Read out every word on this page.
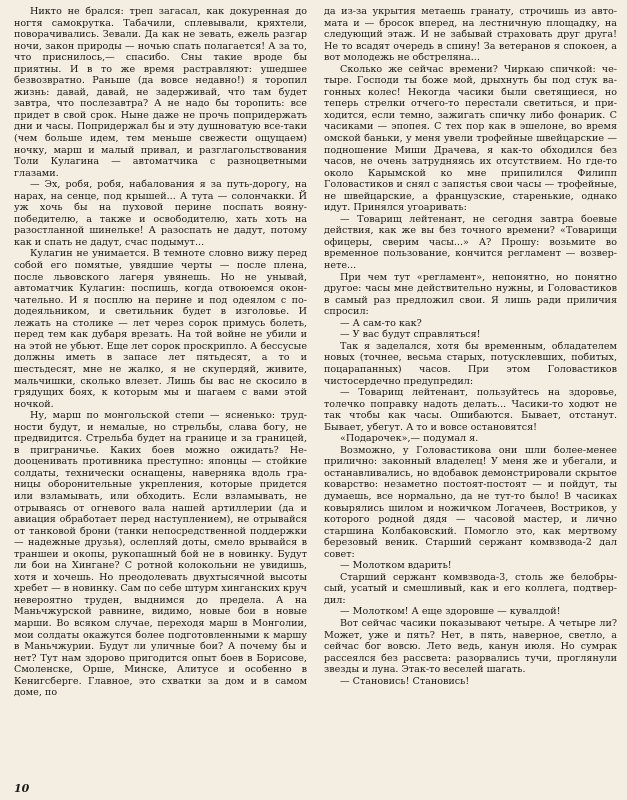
Никто не брался: треп загасал, как докуренная до ногтя самокрутка. Табачили, сплевывали, кряхтели, поворачивались. Зевали. Да как не зевать, ежель разгар ночи, закон природы — ночью спать полагается! А за то, что приснилось,— спасибо. Сны такие вроде бы приятны. И в то же время растравляют: ушедшее безвозвратно. Раньше (да вовсе недавно!) я торопил жизнь: давай, давай, не задерживай, что там будет завтра, что послезавтра? А не надо бы торопить: все придет в свой срок. Ныне даже не прочь попридержать дни и часы. Попридержал бы и эту душноватую все-таки (чем больше идем, тем меньше свежести ощущаем) ночку, марш и малый привал, и разглагольствования Толи Кулагина — автоматчика с разноцветными глазами.

— Эх, робя, робя, набалования я за путь-дорогу, на нарах, на сенце, под крышей... А тута — солончакки. Й уж хочь бы на пуховой перине поспать вояну-победителю, а также и освободителю, хать хоть на разостланной шинельке! А разоспать не дадут, потому как и спать не дадут, счас подымут...

Кулагин не унимается. В темноте словно вижу перед собой его помятые, увядшие черты — после плена, после львовского лагеря увянешь. Но не унывай, автоматчик Кулагин: поспишь, когда отвоюемся окончательно. И я посплю на перине и под одеялом с пододеяльником, и светильник будет в изголовье. И лежать на столике — лет через сорок примусь болеть, перед тем как дубаря врезать. На той войне не убили и на этой не убьют. Еще лет сорок проскрипло. А бессусые должны иметь в запасе лет пятьдесят, а то и шестьдесят, мне не жалко, я не скупердяй, живите, мальчишки, сколько влезет. Лишь бы вас не скосило в грядущих боях, к которым мы и шагаем с вами этой ночкой.

Ну, марш по монгольской степи — ясненько: трудности будут, и немалые, но стрельбы, слава богу, не предвидится. Стрельба будет на границе и за границей, в приграничье. Каких боев можно ожидать? Недооценивать противника преступно: японцы — стойкие солдаты, технически оснащены, наверняка вдоль границы оборонительные укрепления, которые придется или взламывать, или обходить. Если взламывать, не отрываясь от огневого вала нашей артиллерии (да и авиация обработает перед наступлением), не отрывайся от танковой брони (танки непосредственной поддержки — надежные друзья), ослепляй доты, смело врывайся в траншеи и окопы, рукопашный бой не в новинку. Будут ли бои на Хингане? С ротной колокольни не увидишь, хотя и хочешь. Но преодолевать двухтысячной высоты хребет — в новинку. Сам по себе штурм хинганских круч невероятно труден, выднимся до предела. А на Маньчжурской равнине, видимо, новые бои в новые марши. Во всяком случае, переходя марш в Монголии, мои солдаты окажутся более подготовленными к маршу в Маньчжурии. Будут ли уличные бои? А почему бы и нет? Тут нам здорово пригодится опыт боев в Борисове, Смоленске, Орше, Минске, Алитусе и особенно в Кенигсберге. Главное, это схватки за дом и в самом доме, по

да из-за укрытия метаешь гранату, строчишь из автомата и — бросок вперед, на лестничную площадку, на следующий этаж. И не забывай страховать друг друга! Не то всадят очередь в спину! За ветеранов я спокоен, а вот молодежь не обстреляна...

Сколько же сейчас времени? Чиркаю спичкой: четыре. Господи ты боже мой, дрыхнуть бы под стук вагонных колес! Некогда часики были светящиеся, но теперь стрелки отчего-то перестали светиться, и приходится, если темно, зажигать спичку либо фонарик. С часиками — эпопея. С тех пор как в эшелоне, во время омской баньки, у меня увели трофейные швейцарские — подношение Миши Драчева, я как-то обходился без часов, не очень затрудняясь их отсутствием. Но где-то около Карымской ко мне припилился Филипп Головастиков и снял с запястья свои часы — трофейные, не швейцарские, а французские, старенькие, однако идут. Принялся угоаривать:

— Товарищ лейтенант, не сегодня завтра боевые действия, как же вы без точного времени? «Товарищи офицеры, сверим часы...» А? Прошу: возьмите во временное пользование, кончится регламент — возвернете...

При чем тут «регламент», непонятно, но понятно другое: часы мне действительно нужны, и Головастиков в самый раз предложил свои. Я лишь ради приличия спросил:

— А сам-то как?

— У вас будут справляться!

Так я заделался, хотя бы временным, обладателем новых (точнее, весьма старых, потусклевших, побитых, поцарапанных) часов. При этом Головастиков чистосердечно предупредил:

— Товарищ лейтенант, пользуйтесь на здоровье, толечко поправку надоть делать... Часики-то ходют не так чтобы как часы. Ошибаются. Бывает, отстанут. Бывает, убегут. А то и вовсе остановятся!

«Подарочек»,— подумал я.

Возможно, у Головастикова они шли более-менее прилично: законный владелец! У меня же и убегали, и останавливались, но вдобавок демонстрировали скрытое коварство: незаметно постоят-постоят — и пойдут, ты думаешь, все нормально, да не тут-то было! В часиках ковырялись шилом и ножичком Логачеев, Востриков, у которого родной дядя — часовой мастер, и лично старшина Колбаковский. Помогло это, как мертвому березовый веник. Старший сержант комвзвода-2 дал совет:

— Молотком вдарить!

Старший сержант комвзвода-3, столь же белобрысый, усатый и смешливый, как и его коллега, подтвердил:

— Молотком! А еще здоровше — кувалдой!

Вот сейчас часики показывают четыре. А четыре ли? Может, уже и пять? Нет, в пять, наверное, светло, а сейчас бог вовсю. Лето ведь, канун июля. Но сумрак рассеялся без рассвета: разорвались тучи, проглянули звезды и луна. Этак-то веселей шагать.

— Становись! Становись!

10
